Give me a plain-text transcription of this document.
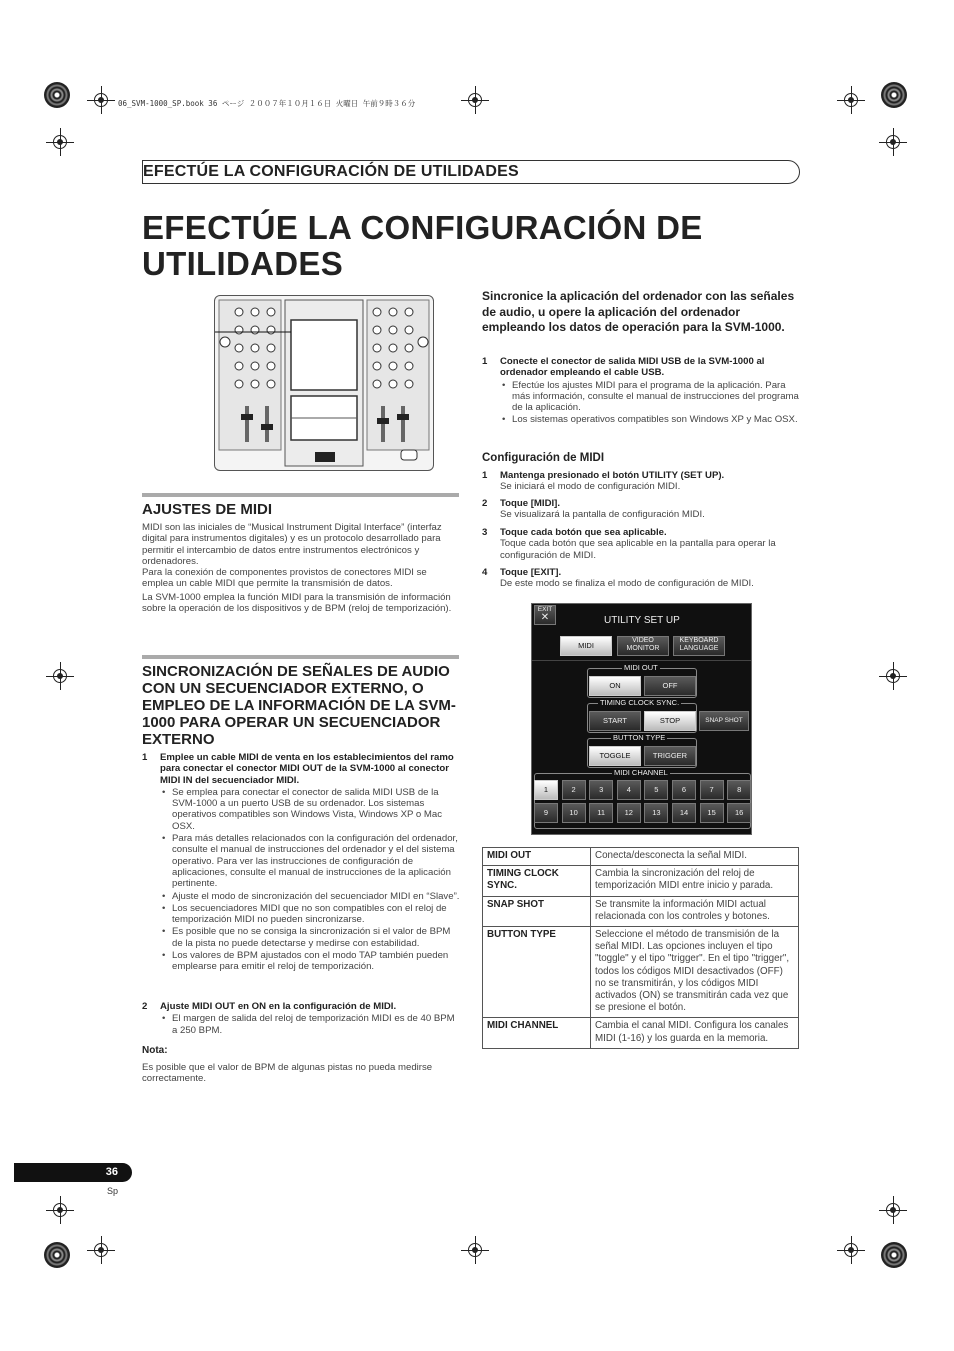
06_SVM-1000_SP.book 36 ページ ２００７年１０月１６日 火曜日 午前９時３６分
EFECTÚE LA CONFIGURACIÓN DE UTILIDADES
EFECTÚE LA CONFIGURACIÓN DE UTILIDADES
AJUSTES DE MIDI

MIDI son las iniciales de “Musical Instrument Digital Interface” (interfaz digital para instrumentos digitales) y es un protocolo desarrollado para permitir el intercambio de datos entre instrumentos electrónicos y ordenadores.

Para la conexión de componentes provistos de conectores MIDI se emplea un cable MIDI que permite la transmisión de datos.

La SVM-1000 emplea la función MIDI para la transmisión de información sobre la operación de los dispositivos y de BPM (reloj de temporización).

SINCRONIZACIÓN DE SEÑALES DE AUDIO CON UN SECUENCIADOR EXTERNO, O EMPLEO DE LA INFORMACIÓN DE LA SVM-1000 PARA OPERAR UN SECUENCIADOR EXTERNO
1 Emplee un cable MIDI de venta en los establecimientos del ramo para conectar el conector MIDI OUT de la SVM-1000 al conector MIDI IN del secuenciador MIDI.
• Se emplea para conectar el conector de salida MIDI USB de la SVM-1000 a un puerto USB de su ordenador. Los sistemas operativos compatibles son Windows Vista, Windows XP o Mac OSX.
• Para más detalles relacionados con la configuración del ordenador, consulte el manual de instrucciones del ordenador y el del sistema operativo. Para ver las instrucciones de configuración de aplicaciones, consulte el manual de instrucciones de la aplicación pertinente.
• Ajuste el modo de sincronización del secuenciador MIDI en “Slave”.
• Los secuenciadores MIDI que no son compatibles con el reloj de temporización MIDI no pueden sincronizarse.
• Es posible que no se consiga la sincronización si el valor de BPM de la pista no puede detectarse y medirse con estabilidad.
• Los valores de BPM ajustados con el modo TAP también pueden emplearse para emitir el reloj de temporización.
2 Ajuste MIDI OUT en ON en la configuración de MIDI.
• El margen de salida del reloj de temporización MIDI es de 40 BPM a 250 BPM.
Nota:
Es posible que el valor de BPM de algunas pistas no pueda medirse correctamente.
Sincronice la aplicación del ordenador con las señales de audio, u opere la aplicación del ordenador empleando los datos de operación para la SVM-1000.
1 Conecte el conector de salida MIDI USB de la SVM-1000 al ordenador empleando el cable USB.
• Efectúe los ajustes MIDI para el programa de la aplicación. Para más información, consulte el manual de instrucciones del programa de la aplicación.
• Los sistemas operativos compatibles son Windows XP y Mac OSX.
Configuración de MIDI
1 Mantenga presionado el botón UTILITY (SET UP).
Se iniciará el modo de configuración MIDI.
2 Toque [MIDI].
Se visualizará la pantalla de configuración MIDI.
3 Toque cada botón que sea aplicable.
Toque cada botón que sea aplicable en la pantalla para operar la configuración de MIDI.
4 Toque [EXIT].
De este modo se finaliza el modo de configuración de MIDI.
EXIT
✕	UTILITY SET UP
MIDI
VIDEO MONITOR
KEYBOARD LANGUAGE
MIDI OUT
ON	OFF
TIMING CLOCK SYNC.
START	STOP	SNAP SHOT
BUTTON TYPE
TOGGLE	TRIGGER
MIDI CHANNEL
1	2	3	4	5	6	7	8
9	10	11	12	13	14	15	16
MIDI OUT	Conecta/desconecta la señal MIDI.
TIMING CLOCK SYNC.	Cambia la sincronización del reloj de temporización MIDI entre inicio y parada.
SNAP SHOT	Se transmite la información MIDI actual relacionada con los controles y botones.
BUTTON TYPE	Seleccione el método de transmisión de la señal MIDI. Las opciones incluyen el tipo "toggle" y el tipo "trigger". En el tipo "trigger", todos los códigos MIDI desactivados (OFF) no se transmitirán, y los códigos MIDI activados (ON) se transmitirán cada vez que se presione el botón.
MIDI CHANNEL	Cambia el canal MIDI. Configura los canales MIDI (1-16) y los guarda en la memoria.
36
Sp
